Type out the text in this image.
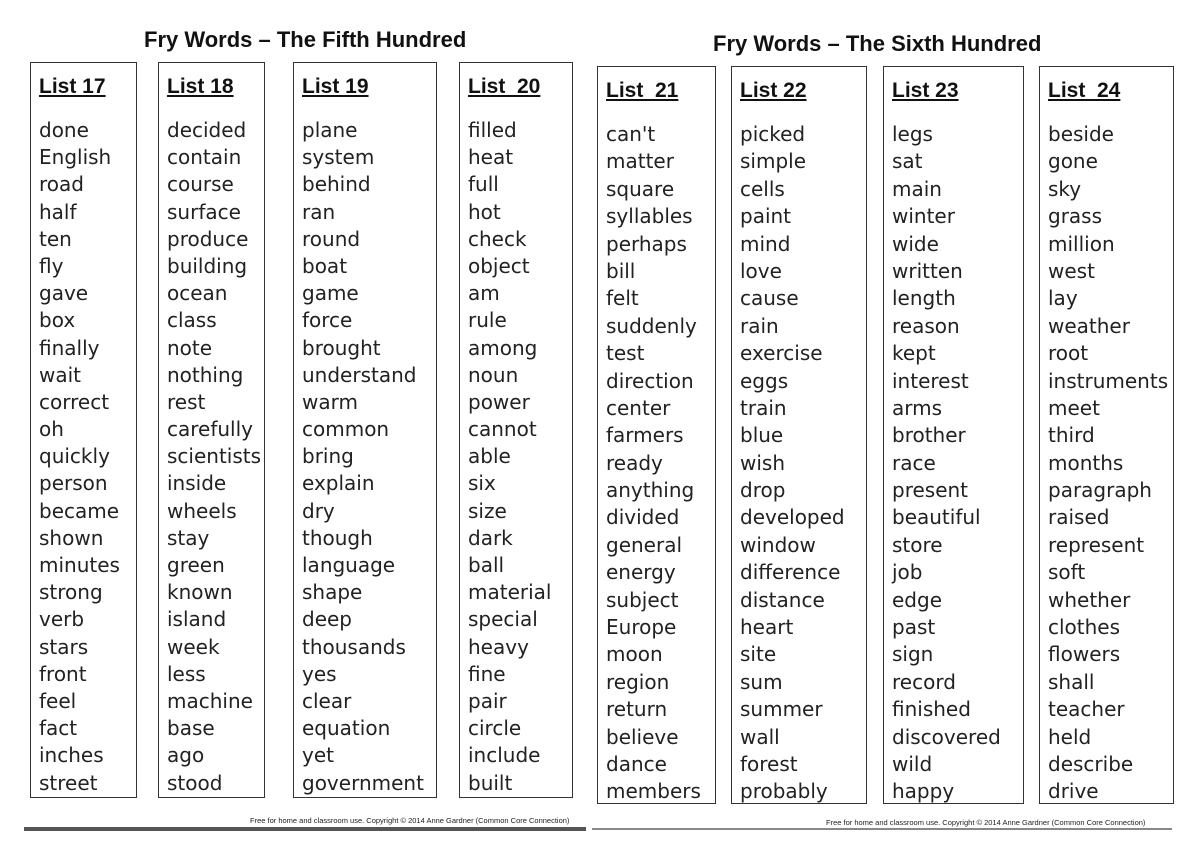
Fry Words – The Fifth Hundred
List 17
done
English
road
half
ten
fly
gave
box
finally
wait
correct
oh
quickly
person
became
shown
minutes
strong
verb
stars
front
feel
fact
inches
street
List 18
decided
contain
course
surface
produce
building
ocean
class
note
nothing
rest
carefully
scientists
inside
wheels
stay
green
known
island
week
less
machine
base
ago
stood
List 19
plane
system
behind
ran
round
boat
game
force
brought
understand
warm
common
bring
explain
dry
though
language
shape
deep
thousands
yes
clear
equation
yet
government
List  20
filled
heat
full
hot
check
object
am
rule
among
noun
power
cannot
able
six
size
dark
ball
material
special
heavy
fine
pair
circle
include
built
Free for home and classroom use. Copyright © 2014 Anne Gardner (Common Core Connection)
Fry Words – The Sixth Hundred
List  21
can't
matter
square
syllables
perhaps
bill
felt
suddenly
test
direction
center
farmers
ready
anything
divided
general
energy
subject
Europe
moon
region
return
believe
dance
members
List 22
picked
simple
cells
paint
mind
love
cause
rain
exercise
eggs
train
blue
wish
drop
developed
window
difference
distance
heart
site
sum
summer
wall
forest
probably
List 23
legs
sat
main
winter
wide
written
length
reason
kept
interest
arms
brother
race
present
beautiful
store
job
edge
past
sign
record
finished
discovered
wild
happy
List  24
beside
gone
sky
grass
million
west
lay
weather
root
instruments
meet
third
months
paragraph
raised
represent
soft
whether
clothes
flowers
shall
teacher
held
describe
drive
Free for home and classroom use. Copyright © 2014 Anne Gardner (Common Core Connection)
